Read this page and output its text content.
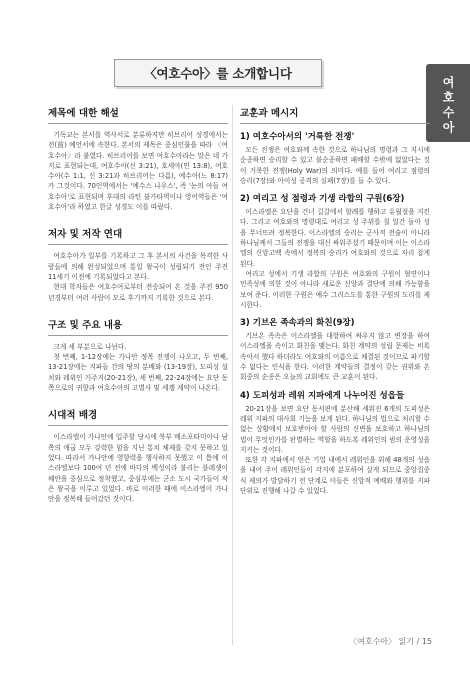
〈여호수아〉를 소개합니다
여호수아
제목에 대한 해설

기독교는 본서를 역사서로 분류하지만 히브리어 성경에서는 전(前) 예언서에 속한다. 본서의 제목은 중심인물을 따라 〈여호수아〉라 붙였다. 히브리어를 보면 여호수아라는 말은 네 가지로 표현되는데, 여호수아(신 3:21), 호세아(민 13:8), 여호수아(수 1:1, 신 3:21과 히브리어는 다름), 예수아(느 8:17)가 그것이다. 70인역에서는 '예수스 나우스', 즉 '눈의 아들 여호수아'로 표현되며 후대의 라틴 불가타역이나 영어역들은 '여호수아'라 하였고 한글 성경도 이를 따랐다.

저자 및 저작 연대

여호수아가 일부를 기록하고 그 후 본서의 사건을 목격한 사람들에 의해 완성되었으며 통일 왕국이 성립되기 전인 주전 11세기 이전에 기록되었다고 본다.

현대 학자들은 여호수아로부터 전승되어 온 것을 주전 950년경부터 여러 사람이 모로 후기까지 기록한 것으로 본다.

구조 및 주요 내용

크게 세 부분으로 나뉜다.

첫 번째, 1-12장에는 가나안 정복 전쟁이 나오고, 두 번째, 13-21장에는 지파들 간의 땅의 분배와 (13-19장), 도피성 설치와 레위인 거주지(20-21장), 세 번째, 22-24장에는 요단 동쪽으로의 귀향과 여호수아의 고별사 및 세겜 계약이 나온다.

시대적 배경

이스라엘이 가나안에 입주할 당시에 북부 메소포타미아나 남쪽의 애굽 모두 강력한 힘을 지닌 통치 체제를 갖지 못하고 있었다. 따라서 가나안에 영향력을 행사하지 못했고 이 틈에 이스라엘보다 100여 년 전에 바다의 백성이라 불리는 블레셋이 해안을 중심으로 정착했고, 중심부에는 군소 도시 국가들이 작은 왕국을 이루고 있었다. 바로 이러한 때에 이스라엘이 가나안을 정복해 들어갔던 것이다.

교훈과 메시지
1) 여호수아서의 '거룩한 전쟁'

모든 전쟁은 여호와께 속한 것으로 하나님의 명령과 그 지시에 순종하면 승리할 수 있고 불순종하면 패배할 수밖에 없었다는 것이 거룩한 전쟁(Holy War)의 의미다. 예를 들어 여리고 점령의 승리(7장)와 아이성 공격의 실패(7장)를 들 수 있다.

2) 여리고 성 점령과 기생 라합의 구원(6장)

이스라엘은 요단을 건너 길갈에서 할례를 행하고 유월절을 지킨다. 그리고 여호와의 명령대로 여리고 성 주위를 칠 일간 돌아 성을 무너뜨려 정복한다. 이스라엘의 승리는 군사적 전술이 아니라 하나님께서 그들의 전쟁을 대신 싸워주셨기 때문이며 이는 이스라엘의 신앙고백 속에서 정복의 승리가 여호와의 것으로 자리 잡게 된다.

여리고 성에서 기생 라합의 구원은 여호와의 구원이 혈연이나 민족성에 의한 것이 아니라 새로운 신앙과 결단에 의해 가능함을 보여 준다. 이러한 구원은 예수 그리스도를 통한 구원의 도리를 제시한다.

3) 기브온 족속과의 화친(9장)

기브온 족속은 이스라엘을 대항하여 싸우지 않고 변장을 하여 이스라엘을 속이고 화친을 맺는다. 화친 계약의 성립 문제는 비록 속아서 했다 하더라도 여호와의 이름으로 체결된 것이므로 파기할 수 없다는 인식을 한다. 이러한 계약들의 결정이 갖는 권위와 온 회중의 순종은 오늘의 교회에도 큰 교훈이 된다.

4) 도피성과 레위 지파에게 나누어진 성읍들

20-21장을 보면 요단 동서편에 분산해 세워진 6개의 도피성은 레위 지파의 대사회 기능을 보게 된다. 하나님의 법으로 처리할 수 없는 상황에서 보호받아야 할 사람의 신변을 보호하고 하나님의 법이 무엇인가를 판별하는 역할을 하도록 레위인의 범의 운영성을 지키는 것이다.

또한 각 지파에서 얻은 기업 내에서 레위인을 위해 48개의 성읍을 내어 주어 레위인들이 각지에 분포하여 살게 되므로 중앙집중식 제의가 발달하기 전 단계로 이들은 신앙적 예배와 행위를 지파 단위로 진행해 나갈 수 있었다.

〈여호수아〉 읽기 / 15
